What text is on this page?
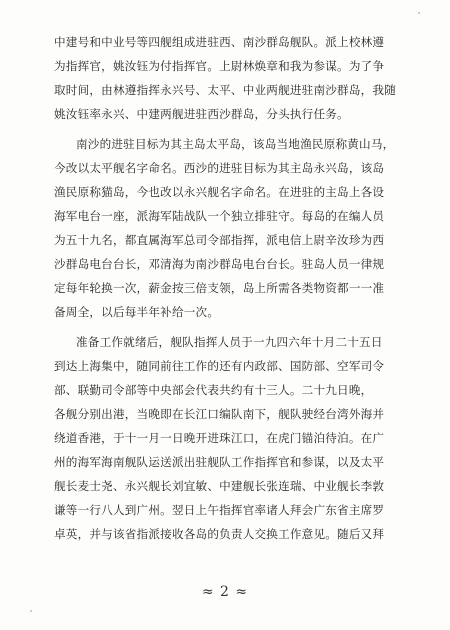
中建号和中业号等四舰组成进驻西、南沙群岛舰队。派上校林遵
为指挥官，姚汝钰为付指挥官。上尉林焕章和我为参谋。为了争
取时间，由林遵指挥永兴号、太平、中业两舰进驻南沙群岛，我随
姚汝钰率永兴、中建两舰进驻西沙群岛，分头执行任务。
南沙的进驻目标为其主岛太平岛，该岛当地渔民原称黄山马，
今改以太平舰名字命名。西沙的进驻目标为其主岛永兴岛，该岛
渔民原称猫岛，今也改以永兴舰名字命名。在进驻的主岛上各设
海军电台一座，派海军陆战队一个独立排驻守。每岛的在编人员
为五十九名，都直属海军总司令部指挥，派电信上尉辛汝珍为西
沙群岛电台台长，邓清海为南沙群岛电台台长。驻岛人员一律规
定每年轮换一次，薪金按三倍支领，岛上所需各类物资都一一准
备周全，以后每半年补给一次。
准备工作就绪后，舰队指挥人员于一九四六年十月二十五日
到达上海集中，随同前往工作的还有内政部、国防部、空军司令
部、联勤司令部等中央部会代表共约有十三人。二十九日晚，
各舰分别出港，当晚即在长江口编队南下，舰队驶经台湾外海并
绕道香港，于十一月一日晚开进珠江口，在虎门锚泊待泊。在广
州的海军海南舰队运送派出驻舰队工作指挥官和参谋，以及太平
舰长麦士尧、永兴舰长刘宜敏、中建舰长张连瑞、中业舰长李敦
谦等一行八人到广州。翌日上午指挥官率诸人拜会广东省主席罗
卓英，并与该省指派接收各岛的负责人交换工作意见。随后又拜
≈ 2 ≈
